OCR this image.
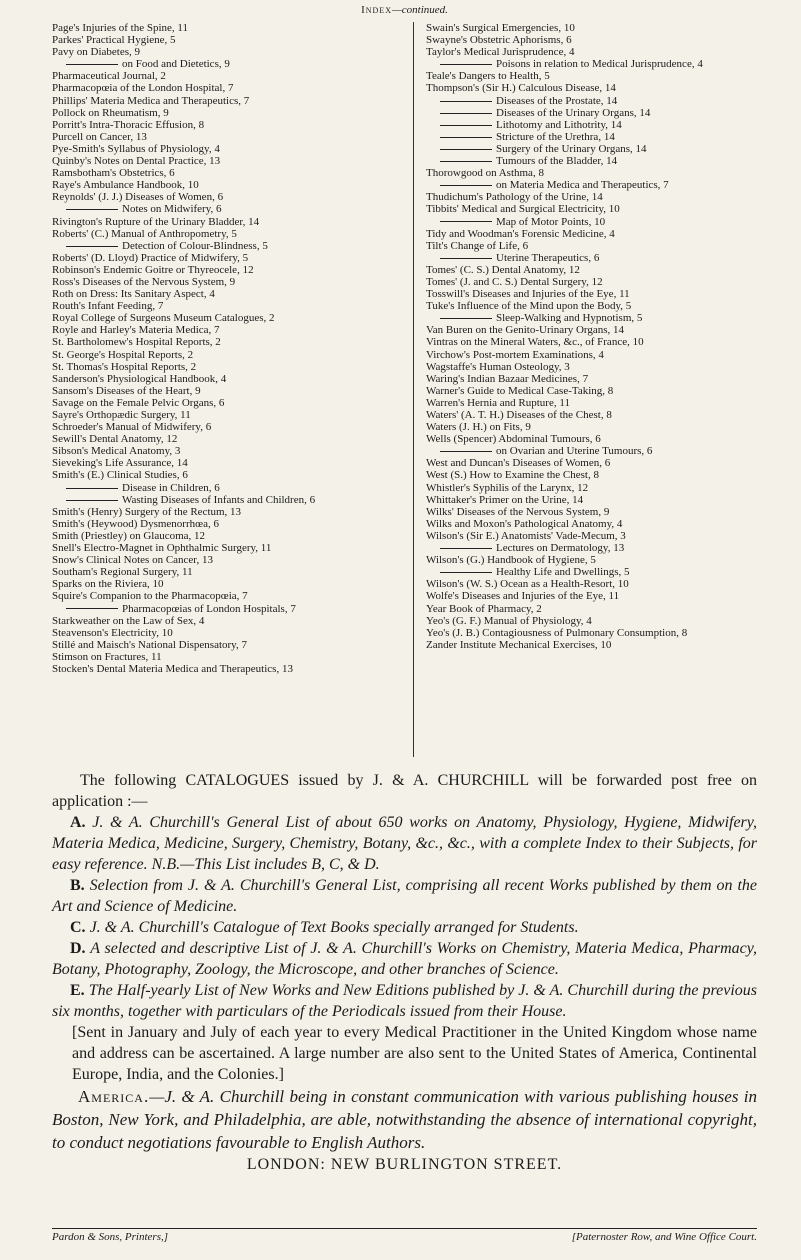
Index—continued.
Page's Injuries of the Spine, 11
Parkes' Practical Hygiene, 5
Pavy on Diabetes, 9
on Food and Dietetics, 9
Pharmaceutical Journal, 2
Pharmacopœia of the London Hospital, 7
Phillips' Materia Medica and Therapeutics, 7
Pollock on Rheumatism, 9
Porritt's Intra-Thoracic Effusion, 8
Purcell on Cancer, 13
Pye-Smith's Syllabus of Physiology, 4
Quinby's Notes on Dental Practice, 13
Ramsbotham's Obstetrics, 6
Raye's Ambulance Handbook, 10
Reynolds' (J. J.) Diseases of Women, 6
Notes on Midwifery, 6
Rivington's Rupture of the Urinary Bladder, 14
Roberts' (C.) Manual of Anthropometry, 5
Detection of Colour-Blindness, 5
Roberts' (D. Lloyd) Practice of Midwifery, 5
Robinson's Endemic Goitre or Thyreocele, 12
Ross's Diseases of the Nervous System, 9
Roth on Dress: Its Sanitary Aspect, 4
Routh's Infant Feeding, 7
Royal College of Surgeons Museum Catalogues, 2
Royle and Harley's Materia Medica, 7
St. Bartholomew's Hospital Reports, 2
St. George's Hospital Reports, 2
St. Thomas's Hospital Reports, 2
Sanderson's Physiological Handbook, 4
Sansom's Diseases of the Heart, 9
Savage on the Female Pelvic Organs, 6
Sayre's Orthopædic Surgery, 11
Schroeder's Manual of Midwifery, 6
Sewill's Dental Anatomy, 12
Sibson's Medical Anatomy, 3
Sieveking's Life Assurance, 14
Smith's (E.) Clinical Studies, 6
Disease in Children, 6
Wasting Diseases of Infants and Children, 6
Smith's (Henry) Surgery of the Rectum, 13
Smith's (Heywood) Dysmenorrhœa, 6
Smith (Priestley) on Glaucoma, 12
Snell's Electro-Magnet in Ophthalmic Surgery, 11
Snow's Clinical Notes on Cancer, 13
Southam's Regional Surgery, 11
Sparks on the Riviera, 10
Squire's Companion to the Pharmacopœia, 7
Pharmacopœias of London Hospitals, 7
Starkweather on the Law of Sex, 4
Steavenson's Electricity, 10
Stillé and Maisch's National Dispensatory, 7
Stimson on Fractures, 11
Stocken's Dental Materia Medica and Therapeutics, 13
Swain's Surgical Emergencies, 10
Swayne's Obstetric Aphorisms, 6
Taylor's Medical Jurisprudence, 4
Poisons in relation to Medical Jurisprudence, 4
Teale's Dangers to Health, 5
Thompson's (Sir H.) Calculous Disease, 14
Diseases of the Prostate, 14
Diseases of the Urinary Organs, 14
Lithotomy and Lithotrity, 14
Stricture of the Urethra, 14
Surgery of the Urinary Organs, 14
Tumours of the Bladder, 14
Thorowgood on Asthma, 8
on Materia Medica and Therapeutics, 7
Thudichum's Pathology of the Urine, 14
Tibbits' Medical and Surgical Electricity, 10
Map of Motor Points, 10
Tidy and Woodman's Forensic Medicine, 4
Tilt's Change of Life, 6
Uterine Therapeutics, 6
Tomes' (C. S.) Dental Anatomy, 12
Tomes' (J. and C. S.) Dental Surgery, 12
Tosswill's Diseases and Injuries of the Eye, 11
Tuke's Influence of the Mind upon the Body, 5
Sleep-Walking and Hypnotism, 5
Van Buren on the Genito-Urinary Organs, 14
Vintras on the Mineral Waters, &c., of France, 10
Virchow's Post-mortem Examinations, 4
Wagstaffe's Human Osteology, 3
Waring's Indian Bazaar Medicines, 7
Warner's Guide to Medical Case-Taking, 8
Warren's Hernia and Rupture, 11
Waters' (A. T. H.) Diseases of the Chest, 8
Waters (J. H.) on Fits, 9
Wells (Spencer) Abdominal Tumours, 6
on Ovarian and Uterine Tumours, 6
West and Duncan's Diseases of Women, 6
West (S.) How to Examine the Chest, 8
Whistler's Syphilis of the Larynx, 12
Whittaker's Primer on the Urine, 14
Wilks' Diseases of the Nervous System, 9
Wilks and Moxon's Pathological Anatomy, 4
Wilson's (Sir E.) Anatomists' Vade-Mecum, 3
Lectures on Dermatology, 13
Wilson's (G.) Handbook of Hygiene, 5
Healthy Life and Dwellings, 5
Wilson's (W. S.) Ocean as a Health-Resort, 10
Wolfe's Diseases and Injuries of the Eye, 11
Year Book of Pharmacy, 2
Yeo's (G. F.) Manual of Physiology, 4
Yeo's (J. B.) Contagiousness of Pulmonary Consumption, 8
Zander Institute Mechanical Exercises, 10

The following CATALOGUES issued by J. & A. CHURCHILL will be forwarded post free on application :—

A. J. & A. Churchill's General List of about 650 works on Anatomy, Physiology, Hygiene, Midwifery, Materia Medica, Medicine, Surgery, Chemistry, Botany, &c., &c., with a complete Index to their Subjects, for easy reference. N.B.—This List includes B, C, & D.

B. Selection from J. & A. Churchill's General List, comprising all recent Works published by them on the Art and Science of Medicine.

C. J. & A. Churchill's Catalogue of Text Books specially arranged for Students.

D. A selected and descriptive List of J. & A. Churchill's Works on Chemistry, Materia Medica, Pharmacy, Botany, Photography, Zoology, the Microscope, and other branches of Science.

E. The Half-yearly List of New Works and New Editions published by J. & A. Churchill during the previous six months, together with particulars of the Periodicals issued from their House.

[Sent in January and July of each year to every Medical Practitioner in the United Kingdom whose name and address can be ascertained. A large number are also sent to the United States of America, Continental Europe, India, and the Colonies.]

America.—J. & A. Churchill being in constant communication with various publishing houses in Boston, New York, and Philadelphia, are able, notwithstanding the absence of international copyright, to conduct negotiations favourable to English Authors.

LONDON: NEW BURLINGTON STREET.

Pardon & Sons, Printers,]	[Paternoster Row, and Wine Office Court.
